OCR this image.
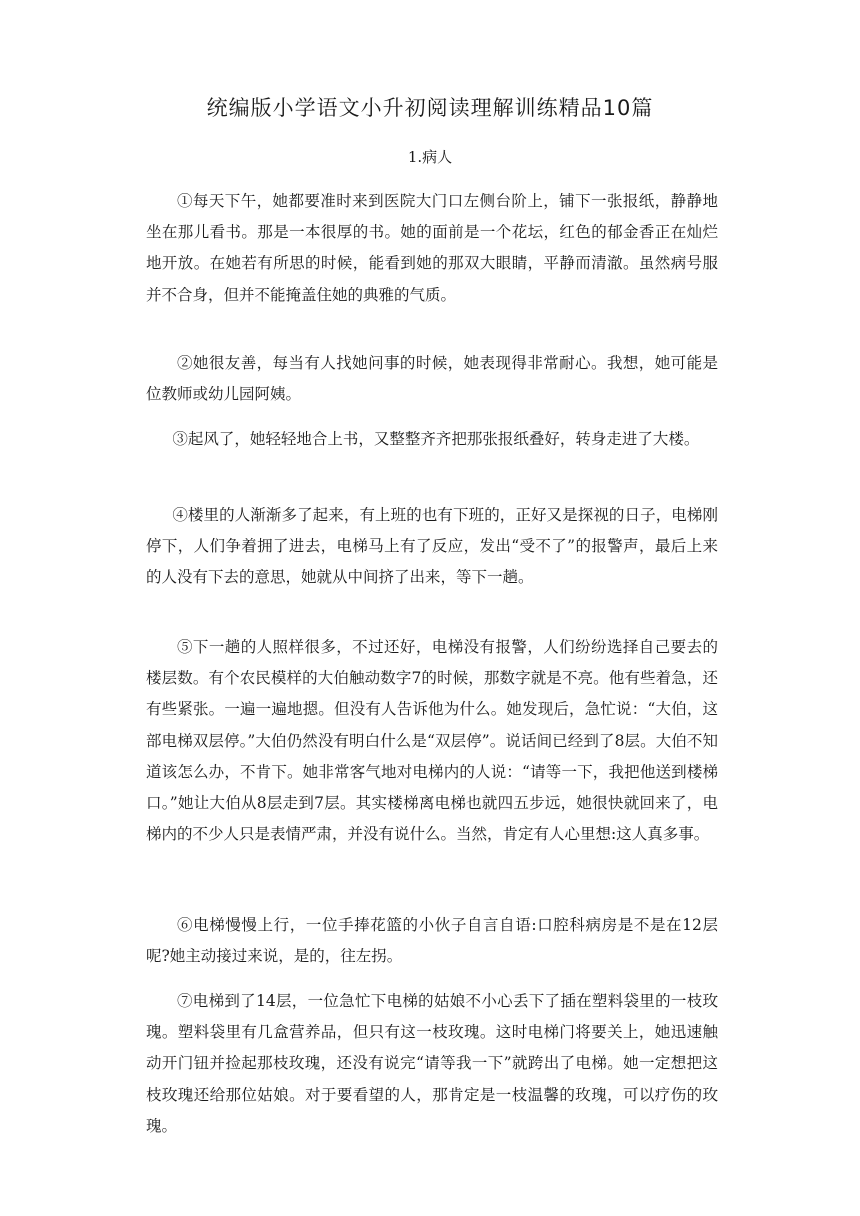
统编版小学语文小升初阅读理解训练精品10篇
1.病人

①每天下午，她都要准时来到医院大门口左侧台阶上，铺下一张报纸，静静地坐在那儿看书。那是一本很厚的书。她的面前是一个花坛，红色的郁金香正在灿烂地开放。在她若有所思的时候，能看到她的那双大眼睛，平静而清澈。虽然病号服并不合身，但并不能掩盖住她的典雅的气质。

②她很友善，每当有人找她问事的时候，她表现得非常耐心。我想，她可能是位教师或幼儿园阿姨。

③起风了，她轻轻地合上书，又整整齐齐把那张报纸叠好，转身走进了大楼。

④楼里的人渐渐多了起来，有上班的也有下班的，正好又是探视的日子，电梯刚停下，人们争着拥了进去，电梯马上有了反应，发出“受不了”的报警声，最后上来的人没有下去的意思，她就从中间挤了出来，等下一趟。

⑤下一趟的人照样很多，不过还好，电梯没有报警，人们纷纷选择自己要去的楼层数。有个农民模样的大伯触动数字7的时候，那数字就是不亮。他有些着急，还有些紧张。一遍一遍地摁。但没有人告诉他为什么。她发现后，急忙说：“大伯，这部电梯双层停。”大伯仍然没有明白什么是“双层停”。说话间已经到了8层。大伯不知道该怎么办，不肯下。她非常客气地对电梯内的人说：“请等一下，我把他送到楼梯口。”她让大伯从8层走到7层。其实楼梯离电梯也就四五步远，她很快就回来了，电梯内的不少人只是表情严肃，并没有说什么。当然，肯定有人心里想:这人真多事。

⑥电梯慢慢上行，一位手捧花篮的小伙子自言自语:口腔科病房是不是在12层呢?她主动接过来说，是的，往左拐。

⑦电梯到了14层，一位急忙下电梯的姑娘不小心丢下了插在塑料袋里的一枝玫瑰。塑料袋里有几盒营养品，但只有这一枝玫瑰。这时电梯门将要关上，她迅速触动开门钮并捡起那枝玫瑰，还没有说完“请等我一下”就跨出了电梯。她一定想把这枝玫瑰还给那位姑娘。对于要看望的人，那肯定是一枝温馨的玫瑰，可以疗伤的玫瑰。
